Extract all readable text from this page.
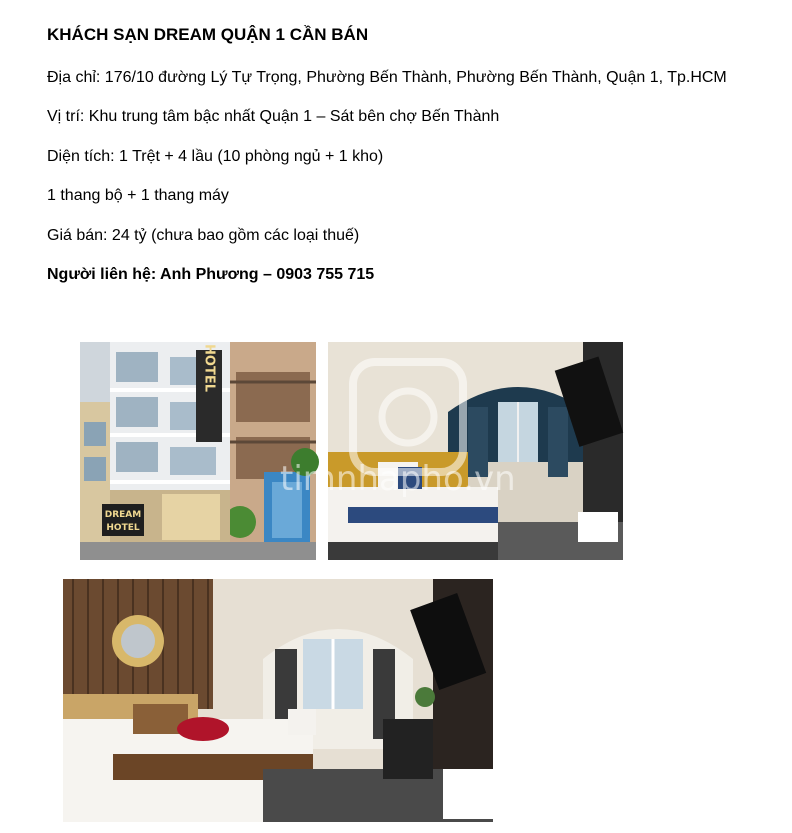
KHÁCH SẠN DREAM QUẬN 1 CẦN BÁN
Địa chỉ: 176/10 đường Lý Tự Trọng, Phường Bến Thành, Phường Bến Thành, Quận 1, Tp.HCM
Vị trí: Khu trung tâm bậc nhất Quận 1 – Sát bên chợ Bến Thành
Diện tích: 1 Trệt + 4 lầu (10 phòng ngủ + 1 kho)
1 thang bộ + 1 thang máy
Giá bán: 24 tỷ (chưa bao gồm các loại thuế)
Người liên hệ: Anh Phương – 0903 755 715
HOTEL
DREAM
HOTEL
timnhapho.vn
